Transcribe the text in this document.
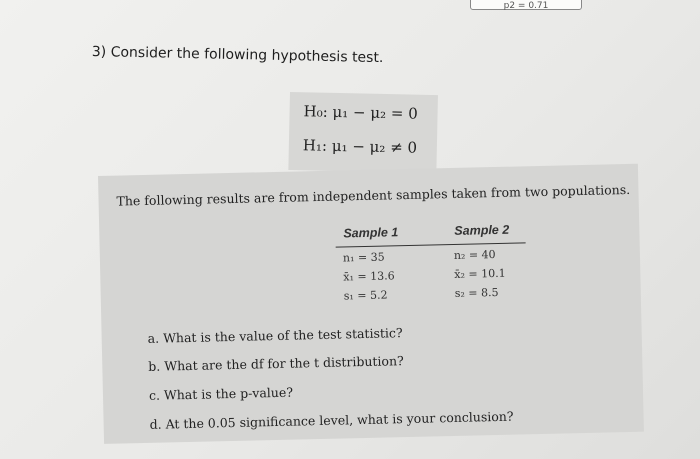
p2 = 0.71
3) Consider the following hypothesis test.
H₀: μ₁ − μ₂ = 0
H₁: μ₁ − μ₂ ≠ 0
The following results are from independent samples taken from two populations.
Sample 1	Sample 2
n₁ = 35
x̄₁ = 13.6
s₁ = 5.2
n₂ = 40
x̄₂ = 10.1
s₂ = 8.5
a. What is the value of the test statistic?
b. What are the df for the t distribution?
c. What is the p-value?
d. At the 0.05 significance level, what is your conclusion?
